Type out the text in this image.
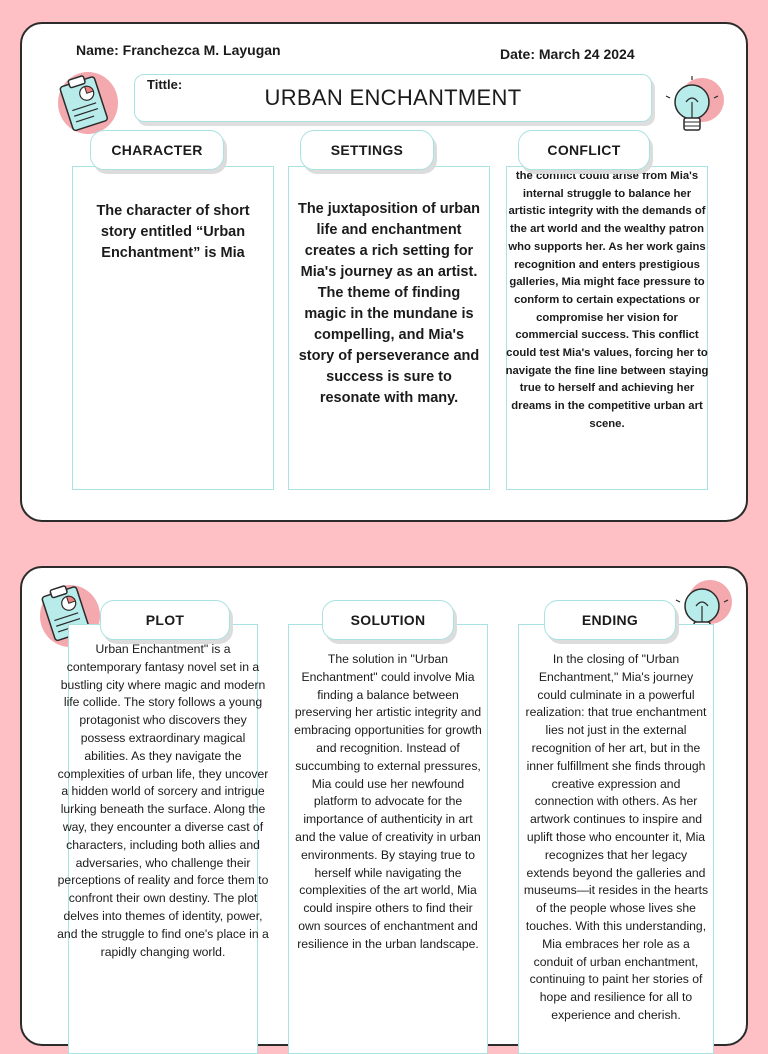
Name: Franchezca M. Layugan	Date: March 24 2024
Tittle:
URBAN ENCHANTMENT
CHARACTER
The character of short story entitled “Urban Enchantment” is Mia
SETTINGS
The juxtaposition of urban life and enchantment creates a rich setting for Mia's journey as an artist. The theme of finding magic in the mundane is compelling, and Mia's story of perseverance and success is sure to resonate with many.
CONFLICT
the conflict could arise from Mia's internal struggle to balance her artistic integrity with the demands of the art world and the wealthy patron who supports her. As her work gains recognition and enters prestigious galleries, Mia might face pressure to conform to certain expectations or compromise her vision for commercial success. This conflict could test Mia's values, forcing her to navigate the fine line between staying true to herself and achieving her dreams in the competitive urban art scene.
PLOT
Urban Enchantment" is a contemporary fantasy novel set in a bustling city where magic and modern life collide. The story follows a young protagonist who discovers they possess extraordinary magical abilities. As they navigate the complexities of urban life, they uncover a hidden world of sorcery and intrigue lurking beneath the surface. Along the way, they encounter a diverse cast of characters, including both allies and adversaries, who challenge their perceptions of reality and force them to confront their own destiny. The plot delves into themes of identity, power, and the struggle to find one's place in a rapidly changing world.
SOLUTION
The solution in "Urban Enchantment" could involve Mia finding a balance between preserving her artistic integrity and embracing opportunities for growth and recognition. Instead of succumbing to external pressures, Mia could use her newfound platform to advocate for the importance of authenticity in art and the value of creativity in urban environments. By staying true to herself while navigating the complexities of the art world, Mia could inspire others to find their own sources of enchantment and resilience in the urban landscape.
ENDING
In the closing of "Urban Enchantment," Mia's journey could culminate in a powerful realization: that true enchantment lies not just in the external recognition of her art, but in the inner fulfillment she finds through creative expression and connection with others. As her artwork continues to inspire and uplift those who encounter it, Mia recognizes that her legacy extends beyond the galleries and museums—it resides in the hearts of the people whose lives she touches. With this understanding, Mia embraces her role as a conduit of urban enchantment, continuing to paint her stories of hope and resilience for all to experience and cherish.
